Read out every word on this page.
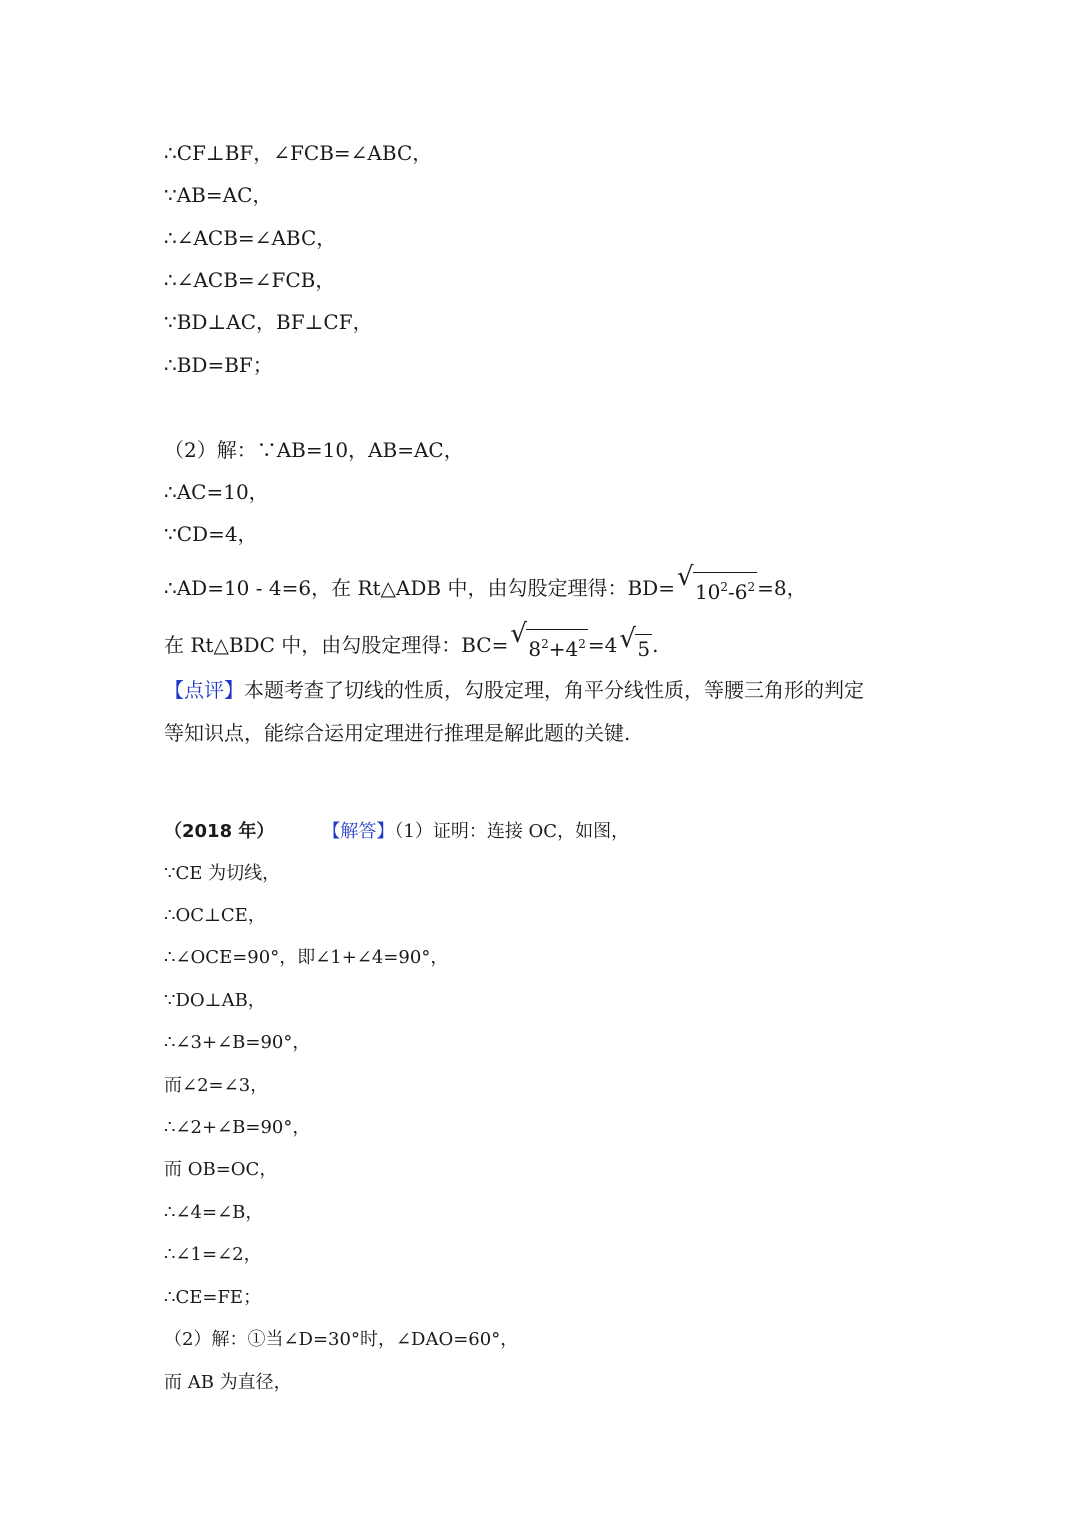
∴CF⊥BF，∠FCB=∠ABC，
∵AB=AC，
∴∠ACB=∠ABC，
∴∠ACB=∠FCB，
∵BD⊥AC，BF⊥CF，
∴BD=BF；
（2）解：∵AB=10，AB=AC，
∴AC=10，
∵CD=4，
∴AD=10 - 4=6，在 Rt△ADB 中，由勾股定理得：BD= √ $10^2-6^2 =8$，
在 Rt△BDC 中，由勾股定理得：BC= √ $8^2+4^2 =4$ √ 5 .
【点评】本题考查了切线的性质，勾股定理，角平分线性质，等腰三角形的判定
等知识点，能综合运用定理进行推理是解此题的关键.
（2018 年）	【解答】（1）证明：连接 OC，如图，
∵CE 为切线，
∴OC⊥CE，
∴∠OCE=90°，即∠1+∠4=90°，
∵DO⊥AB，
∴∠3+∠B=90°，
而∠2=∠3，
∴∠2+∠B=90°，
而 OB=OC，
∴∠4=∠B，
∴∠1=∠2，
∴CE=FE；
（2）解：①当∠D=30°时，∠DAO=60°，
而 AB 为直径，
